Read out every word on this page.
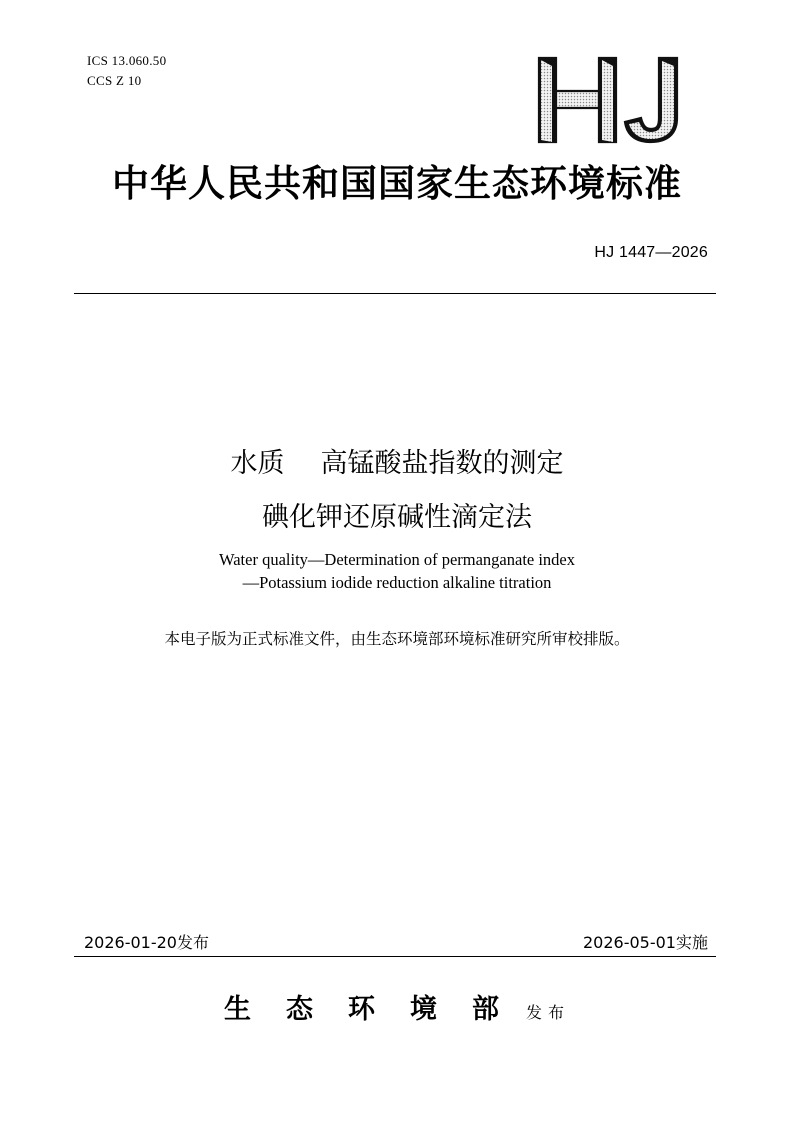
ICS 13.060.50
CCS Z 10
中华人民共和国国家生态环境标准
HJ 1447—2026
水质 高锰酸盐指数的测定
碘化钾还原碱性滴定法
Water quality—Determination of permanganate index
—Potassium iodide reduction alkaline titration
本电子版为正式标准文件，由生态环境部环境标准研究所审校排版。
2026-01-20发布	2026-05-01实施
生态环境部发布
